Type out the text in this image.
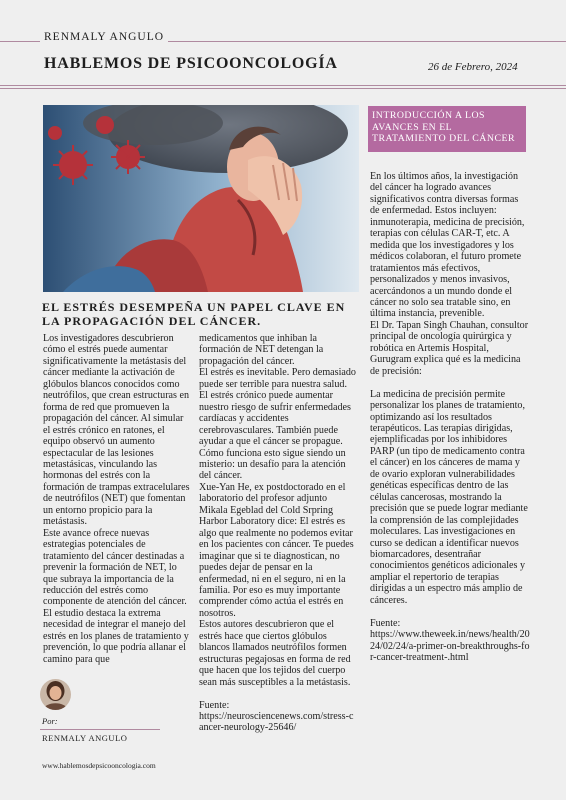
RENMALY ANGULO
HABLEMOS DE PSICOONCOLOGÍA	26 de Febrero, 2024
EL ESTRÉS DESEMPEÑA UN PAPEL CLAVE EN LA PROPAGACIÓN DEL CÁNCER.

Los investigadores descubrieron cómo el estrés puede aumentar significativamente la metástasis del cáncer mediante la activación de glóbulos blancos conocidos como neutrófilos, que crean estructuras en forma de red que promueven la propagación del cáncer. Al simular el estrés crónico en ratones, el equipo observó un aumento espectacular de las lesiones metastásicas, vinculando las hormonas del estrés con la formación de trampas extracelulares de neutrófilos (NET) que fomentan un entorno propicio para la metástasis.

Este avance ofrece nuevas estrategias potenciales de tratamiento del cáncer destinadas a prevenir la formación de NET, lo que subraya la importancia de la reducción del estrés como componente de atención del cáncer.

El estudio destaca la extrema necesidad de integrar el manejo del estrés en los planes de tratamiento y prevención, lo que podría allanar el camino para que

medicamentos que inhiban la formación de NET detengan la propagación del cáncer.

El estrés es inevitable. Pero demasiado puede ser terrible para nuestra salud. El estrés crónico puede aumentar nuestro riesgo de sufrir enfermedades cardíacas y accidentes cerebrovasculares. También puede ayudar a que el cáncer se propague. Cómo funciona esto sigue siendo un misterio: un desafío para la atención del cáncer.

Xue-Yan He, ex postdoctorado en el laboratorio del profesor adjunto Mikala Egeblad del Cold Srpring Harbor Laboratory dice: El estrés es algo que realmente no podemos evitar en los pacientes con cáncer. Te puedes imaginar que si te diagnostican, no puedes dejar de pensar en la enfermedad, ni en el seguro, ni en la familia. Por eso es muy importante comprender cómo actúa el estrés en nosotros.

Estos autores descubrieron que el estrés hace que ciertos glóbulos blancos llamados neutrófilos formen estructuras pegajosas en forma de red que hacen que los tejidos del cuerpo sean más susceptibles a la metástasis.

Fuente:

https://neurosciencenews.com/stress-cancer-neurology-25646/

INTRODUCCIÓN A LOS AVANCES EN EL TRATAMIENTO DEL CÁNCER

En los últimos años, la investigación del cáncer ha logrado avances significativos contra diversas formas de enfermedad. Estos incluyen: inmunoterapia, medicina de precisión, terapias con células CAR-T, etc. A medida que los investigadores y los médicos colaboran, el futuro promete tratamientos más efectivos, personalizados y menos invasivos, acercándonos a un mundo donde el cáncer no solo sea tratable sino, en última instancia, prevenible.

El Dr. Tapan Singh Chauhan, consultor principal de oncología quirúrgica y robótica en Artemis Hospital, Gurugram explica qué es la medicina de precisión:

La medicina de precisión permite personalizar los planes de tratamiento, optimizando así los resultados terapéuticos. Las terapias dirigidas, ejemplificadas por los inhibidores PARP (un tipo de medicamento contra el cáncer) en los cánceres de mama y de ovario exploran vulnerabilidades genéticas específicas dentro de las células cancerosas, mostrando la precisión que se puede lograr mediante la comprensión de las complejidades moleculares. Las investigaciones en curso se dedican a identificar nuevos biomarcadores, desentrañar conocimientos genéticos adicionales y ampliar el repertorio de terapias dirigidas a un espectro más amplio de cánceres.

Fuente:

https://www.theweek.in/news/health/2024/02/24/a-primer-on-breakthroughs-for-cancer-treatment-.html

Por:
RENMALY ANGULO
www.hablemosdepsicooncologia.com
